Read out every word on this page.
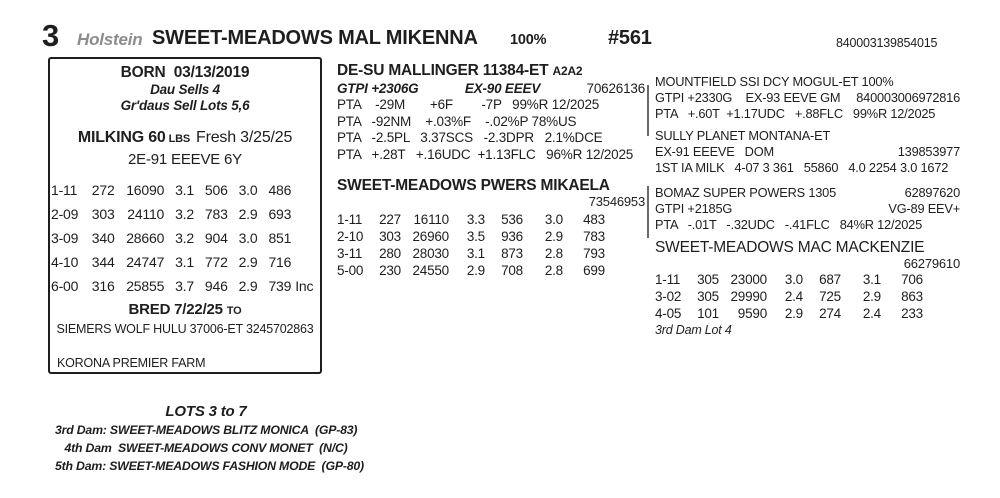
3 Holstein SWEET-MEADOWS MAL MIKENNA 100%	#561	840003139854015
BORN  03/13/2019
Dau Sells 4
Gr'daus Sell Lots 5,6
MILKING 60 LBS Fresh 3/25/25
2E-91 EEEVE 6Y
1-11	272 16090 3.1 506 3.0 486
2-09 303 24110 3.2 783 2.9 693
3-09 340 28660 3.2 904 3.0 851
4-10 344 24747 3.1 772 2.9 716
6-00 316 25855 3.7 946 2.9 739 Inc
BRED 7/22/25 TO
SIEMERS WOLF HULU 37006-ET 3245702863
KORONA PREMIER FARM
DE-SU MALLINGER 11384-ET A2A2
GTPI +2306G	EX-90 EEEV	70626136
PTA    -29M       +6F        -7P   99%R 12/2025
PTA   -92NM    +.03%F    -.02%P 78%US
PTA   -2.5PL   3.37SCS   -2.3DPR   2.1%DCE
PTA   +.28T   +.16UDC  +1.13FLC   96%R 12/2025
SWEET-MEADOWS PWERS MIKAELA
73546953
1-11	227 16110	3.3	536	3.0	483
2-10	303 26960	3.5	936	2.9	783
3-11	280 28030	3.1	873	2.8	793
5-00	230 24550	2.9	708	2.8	699
MOUNTFIELD SSI DCY MOGUL-ET 100%
GTPI +2330G    EX-93 EEVE GM 840003006972816
PTA   +.60T  +1.17UDC   +.88FLC   99%R 12/2025
SULLY PLANET MONTANA-ET
EX-91 EEEVE   DOM	139853977
1ST IA MILK   4-07 3 361   55860   4.0 2254 3.0 1672
BOMAZ SUPER POWERS 1305	62897620
GTPI +2185G	VG-89 EEV+
PTA   -.01T   -.32UDC   -.41FLC   84%R 12/2025
SWEET-MEADOWS MAC MACKENZIE
66279610
1-11	305 23000	3.0	687	3.1	706
3-02	305 29990	2.4	725	2.9	863
4-05	101	9590	2.9	274	2.4	233
3rd Dam Lot 4
LOTS 3 to 7
3rd Dam: SWEET-MEADOWS BLITZ MONICA  (GP-83)
4th Dam  SWEET-MEADOWS CONV MONET  (N/C)
5th Dam: SWEET-MEADOWS FASHION MODE  (GP-80)
